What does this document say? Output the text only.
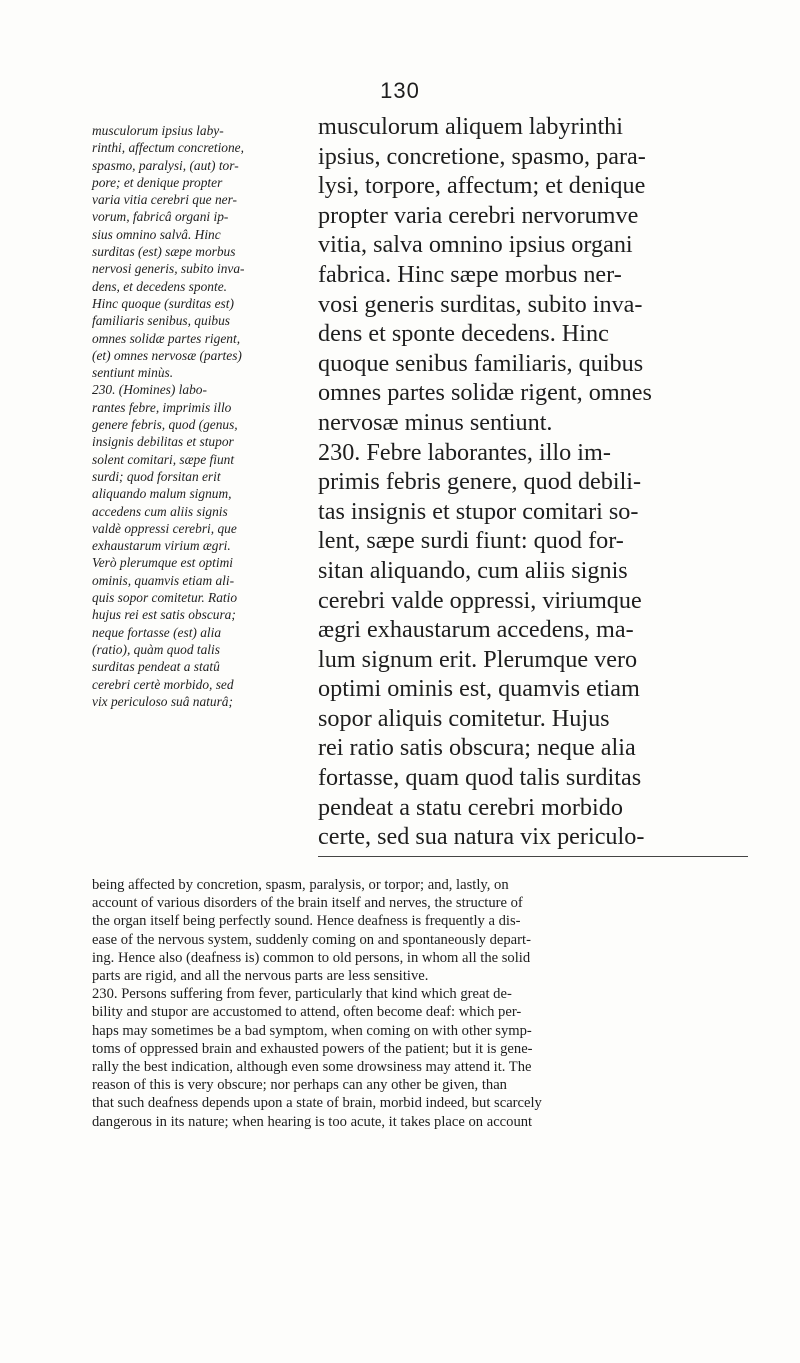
130
musculorum ipsius laby-
rinthi, affectum concretione,
spasmo, paralysi, (aut) tor-
pore; et denique propter
varia vitia cerebri que ner-
vorum, fabricâ organi ip-
sius omnino salvâ. Hinc
surditas (est) sæpe morbus
nervosi generis, subito inva-
dens, et decedens sponte.
Hinc quoque (surditas est)
familiaris senibus, quibus
omnes solidæ partes rigent,
(et) omnes nervosæ (partes)
sentiunt minùs.
230. (Homines) labo-
rantes febre, imprimis illo
genere febris, quod (genus,
insignis debilitas et stupor
solent comitari, sæpe fiunt
surdi; quod forsitan erit
aliquando malum signum,
accedens cum aliis signis
valdè oppressi cerebri, que
exhaustarum virium ægri.
Verò plerumque est optimi
ominis, quamvis etiam ali-
quis sopor comitetur. Ratio
hujus rei est satis obscura;
neque fortasse (est) alia
(ratio), quàm quod talis
surditas pendeat a statû
cerebri certè morbido, sed
vix periculoso suâ naturâ;
musculorum aliquem labyrinthi
ipsius, concretione, spasmo, para-
lysi, torpore, affectum; et denique
propter varia cerebri nervorumve
vitia, salva omnino ipsius organi
fabrica. Hinc sæpe morbus ner-
vosi generis surditas, subito inva-
dens et sponte decedens. Hinc
quoque senibus familiaris, quibus
omnes partes solidæ rigent, omnes
nervosæ minus sentiunt.
230. Febre laborantes, illo im-
primis febris genere, quod debili-
tas insignis et stupor comitari so-
lent, sæpe surdi fiunt: quod for-
sitan aliquando, cum aliis signis
cerebri valde oppressi, viriumque
ægri exhaustarum accedens, ma-
lum signum erit. Plerumque vero
optimi ominis est, quamvis etiam
sopor aliquis comitetur. Hujus
rei ratio satis obscura; neque alia
fortasse, quam quod talis surditas
pendeat a statu cerebri morbido
certe, sed sua natura vix periculo-
being affected by concretion, spasm, paralysis, or torpor; and, lastly, on
account of various disorders of the brain itself and nerves, the structure of
the organ itself being perfectly sound. Hence deafness is frequently a dis-
ease of the nervous system, suddenly coming on and spontaneously depart-
ing. Hence also (deafness is) common to old persons, in whom all the solid
parts are rigid, and all the nervous parts are less sensitive.
230. Persons suffering from fever, particularly that kind which great de-
bility and stupor are accustomed to attend, often become deaf: which per-
haps may sometimes be a bad symptom, when coming on with other symp-
toms of oppressed brain and exhausted powers of the patient; but it is gene-
rally the best indication, although even some drowsiness may attend it. The
reason of this is very obscure; nor perhaps can any other be given, than
that such deafness depends upon a state of brain, morbid indeed, but scarcely
dangerous in its nature; when hearing is too acute, it takes place on account
